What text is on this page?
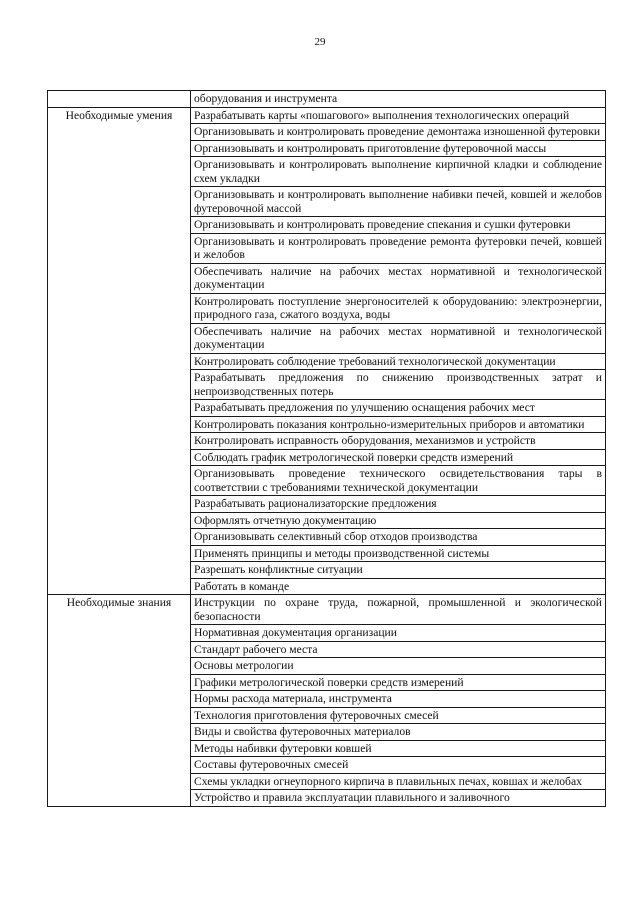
29
	оборудования и инструмента
Необходимые умения	Разрабатывать карты «пошагового» выполнения технологических операций
	Организовывать и контролировать проведение демонтажа изношенной футеровки
	Организовывать и контролировать приготовление футеровочной массы
	Организовывать и контролировать выполнение кирпичной кладки и соблюдение схем укладки
	Организовывать и контролировать выполнение набивки печей, ковшей и желобов футеровочной массой
	Организовывать и контролировать проведение спекания и сушки футеровки
	Организовывать и контролировать проведение ремонта футеровки печей, ковшей и желобов
	Обеспечивать наличие на рабочих местах нормативной и технологической документации
	Контролировать поступление энергоносителей к оборудованию: электроэнергии, природного газа, сжатого воздуха, воды
	Обеспечивать наличие на рабочих местах нормативной и технологической документации
	Контролировать соблюдение требований технологической документации
	Разрабатывать предложения по снижению производственных затрат и непроизводственных потерь
	Разрабатывать предложения по улучшению оснащения рабочих мест
	Контролировать показания контрольно-измерительных приборов и автоматики
	Контролировать исправность оборудования, механизмов и устройств
	Соблюдать график метрологической поверки средств измерений
	Организовывать проведение технического освидетельствования тары в соответствии с требованиями технической документации
	Разрабатывать рационализаторские предложения
	Оформлять отчетную документацию
	Организовывать селективный сбор отходов производства
	Применять принципы и методы производственной системы
	Разрешать конфликтные ситуации
	Работать в команде
Необходимые знания	Инструкции по охране труда, пожарной, промышленной и экологической безопасности
	Нормативная документация организации
	Стандарт рабочего места
	Основы метрологии
	Графики метрологической поверки средств измерений
	Нормы расхода материала, инструмента
	Технология приготовления футеровочных смесей
	Виды и свойства футеровочных материалов
	Методы набивки футеровки ковшей
	Составы футеровочных смесей
	Схемы укладки огнеупорного кирпича в плавильных печах, ковшах и желобах
	Устройство и правила эксплуатации плавильного и заливочного
